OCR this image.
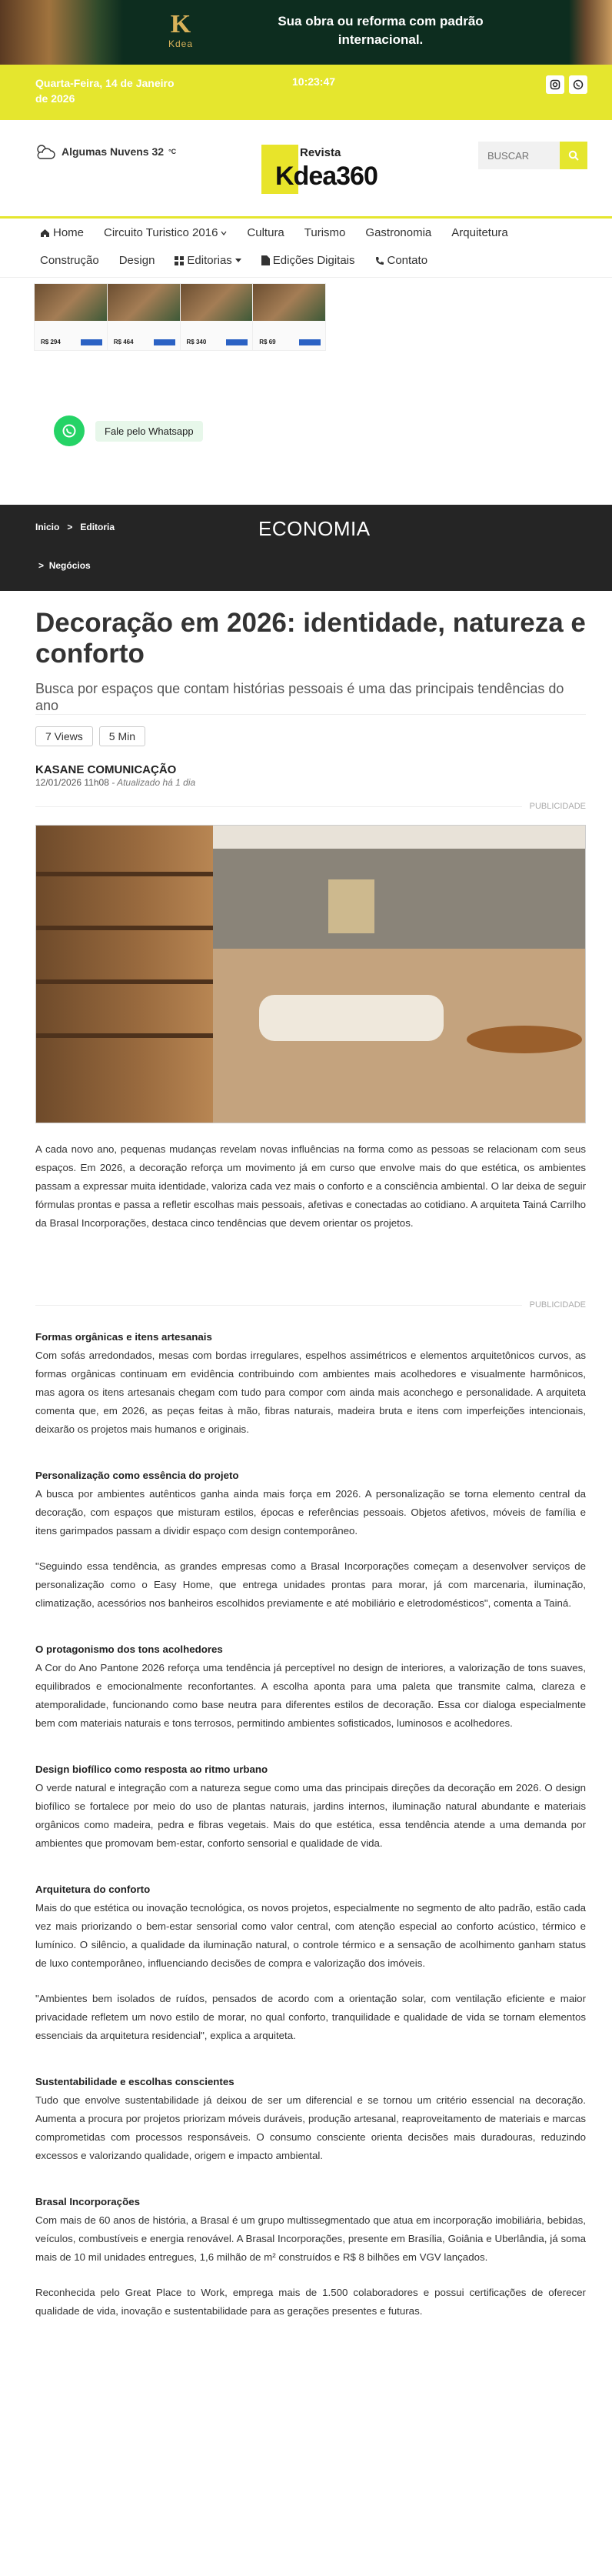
K
Kdea
Sua obra ou reforma com padrão internacional.
Quarta-Feira, 14 de Janeiro de 2026
10:23:47
Algumas Nuvens 32 °C	Revista
Kdea360
BUSCAR
Home Circuito Turistico 2016	Cultura Turismo Gastronomia Arquitetura
Construção Design	Editorias	Edições Digitais	Contato
R$ 294	R$ 464	R$ 340	R$ 69
Fale pelo Whatsapp
Inicio > Editoria	ECONOMIA
>  Negócios
Decoração em 2026: identidade, natureza e conforto
Busca por espaços que contam histórias pessoais é uma das principais tendências do ano
7 Views	5 Min
KASANE COMUNICAÇÃO
12/01/2026 11h08 - Atualizado há 1 dia
PUBLICIDADE

A cada novo ano, pequenas mudanças revelam novas influências na forma como as pessoas se relacionam com seus espaços. Em 2026, a decoração reforça um movimento já em curso que envolve mais do que estética, os ambientes passam a expressar muita identidade, valoriza cada vez mais o conforto e a consciência ambiental. O lar deixa de seguir fórmulas prontas e passa a refletir escolhas mais pessoais, afetivas e conectadas ao cotidiano. A arquiteta Tainá Carrilho da Brasal Incorporações, destaca cinco tendências que devem orientar os projetos.

PUBLICIDADE
Formas orgânicas e itens artesanais

Com sofás arredondados, mesas com bordas irregulares, espelhos assimétricos e elementos arquitetônicos curvos, as formas orgânicas continuam em evidência contribuindo com ambientes mais acolhedores e visualmente harmônicos, mas agora os itens artesanais chegam com tudo para compor com ainda mais aconchego e personalidade. A arquiteta comenta que, em 2026, as peças feitas à mão, fibras naturais, madeira bruta e itens com imperfeições intencionais, deixarão os projetos mais humanos e originais.

Personalização como essência do projeto

A busca por ambientes autênticos ganha ainda mais força em 2026. A personalização se torna elemento central da decoração, com espaços que misturam estilos, épocas e referências pessoais. Objetos afetivos, móveis de família e itens garimpados passam a dividir espaço com design contemporâneo.

"Seguindo essa tendência, as grandes empresas como a Brasal Incorporações começam a desenvolver serviços de personalização como o Easy Home, que entrega unidades prontas para morar, já com marcenaria, iluminação, climatização, acessórios nos banheiros escolhidos previamente e até mobiliário e eletrodomésticos", comenta a Tainá.

O protagonismo dos tons acolhedores

A Cor do Ano Pantone 2026 reforça uma tendência já perceptível no design de interiores, a valorização de tons suaves, equilibrados e emocionalmente reconfortantes. A escolha aponta para uma paleta que transmite calma, clareza e atemporalidade, funcionando como base neutra para diferentes estilos de decoração. Essa cor dialoga especialmente bem com materiais naturais e tons terrosos, permitindo ambientes sofisticados, luminosos e acolhedores.

Design biofílico como resposta ao ritmo urbano

O verde natural e integração com a natureza segue como uma das principais direções da decoração em 2026. O design biofílico se fortalece por meio do uso de plantas naturais, jardins internos, iluminação natural abundante e materiais orgânicos como madeira, pedra e fibras vegetais. Mais do que estética, essa tendência atende a uma demanda por ambientes que promovam bem-estar, conforto sensorial e qualidade de vida.

Arquitetura do conforto

Mais do que estética ou inovação tecnológica, os novos projetos, especialmente no segmento de alto padrão, estão cada vez mais priorizando o bem-estar sensorial como valor central, com atenção especial ao conforto acústico, térmico e lumínico. O silêncio, a qualidade da iluminação natural, o controle térmico e a sensação de acolhimento ganham status de luxo contemporâneo, influenciando decisões de compra e valorização dos imóveis.

"Ambientes bem isolados de ruídos, pensados de acordo com a orientação solar, com ventilação eficiente e maior privacidade refletem um novo estilo de morar, no qual conforto, tranquilidade e qualidade de vida se tornam elementos essenciais da arquitetura residencial", explica a arquiteta.

Sustentabilidade e escolhas conscientes

Tudo que envolve sustentabilidade já deixou de ser um diferencial e se tornou um critério essencial na decoração. Aumenta a procura por projetos priorizam móveis duráveis, produção artesanal, reaproveitamento de materiais e marcas comprometidas com processos responsáveis. O consumo consciente orienta decisões mais duradouras, reduzindo excessos e valorizando qualidade, origem e impacto ambiental.

Brasal Incorporações

Com mais de 60 anos de história, a Brasal é um grupo multissegmentado que atua em incorporação imobiliária, bebidas, veículos, combustíveis e energia renovável. A Brasal Incorporações, presente em Brasília, Goiânia e Uberlândia, já soma mais de 10 mil unidades entregues, 1,6 milhão de m² construídos e R$ 8 bilhões em VGV lançados.

Reconhecida pelo Great Place to Work, emprega mais de 1.500 colaboradores e possui certificações de oferecer qualidade de vida, inovação e sustentabilidade para as gerações presentes e futuras.
